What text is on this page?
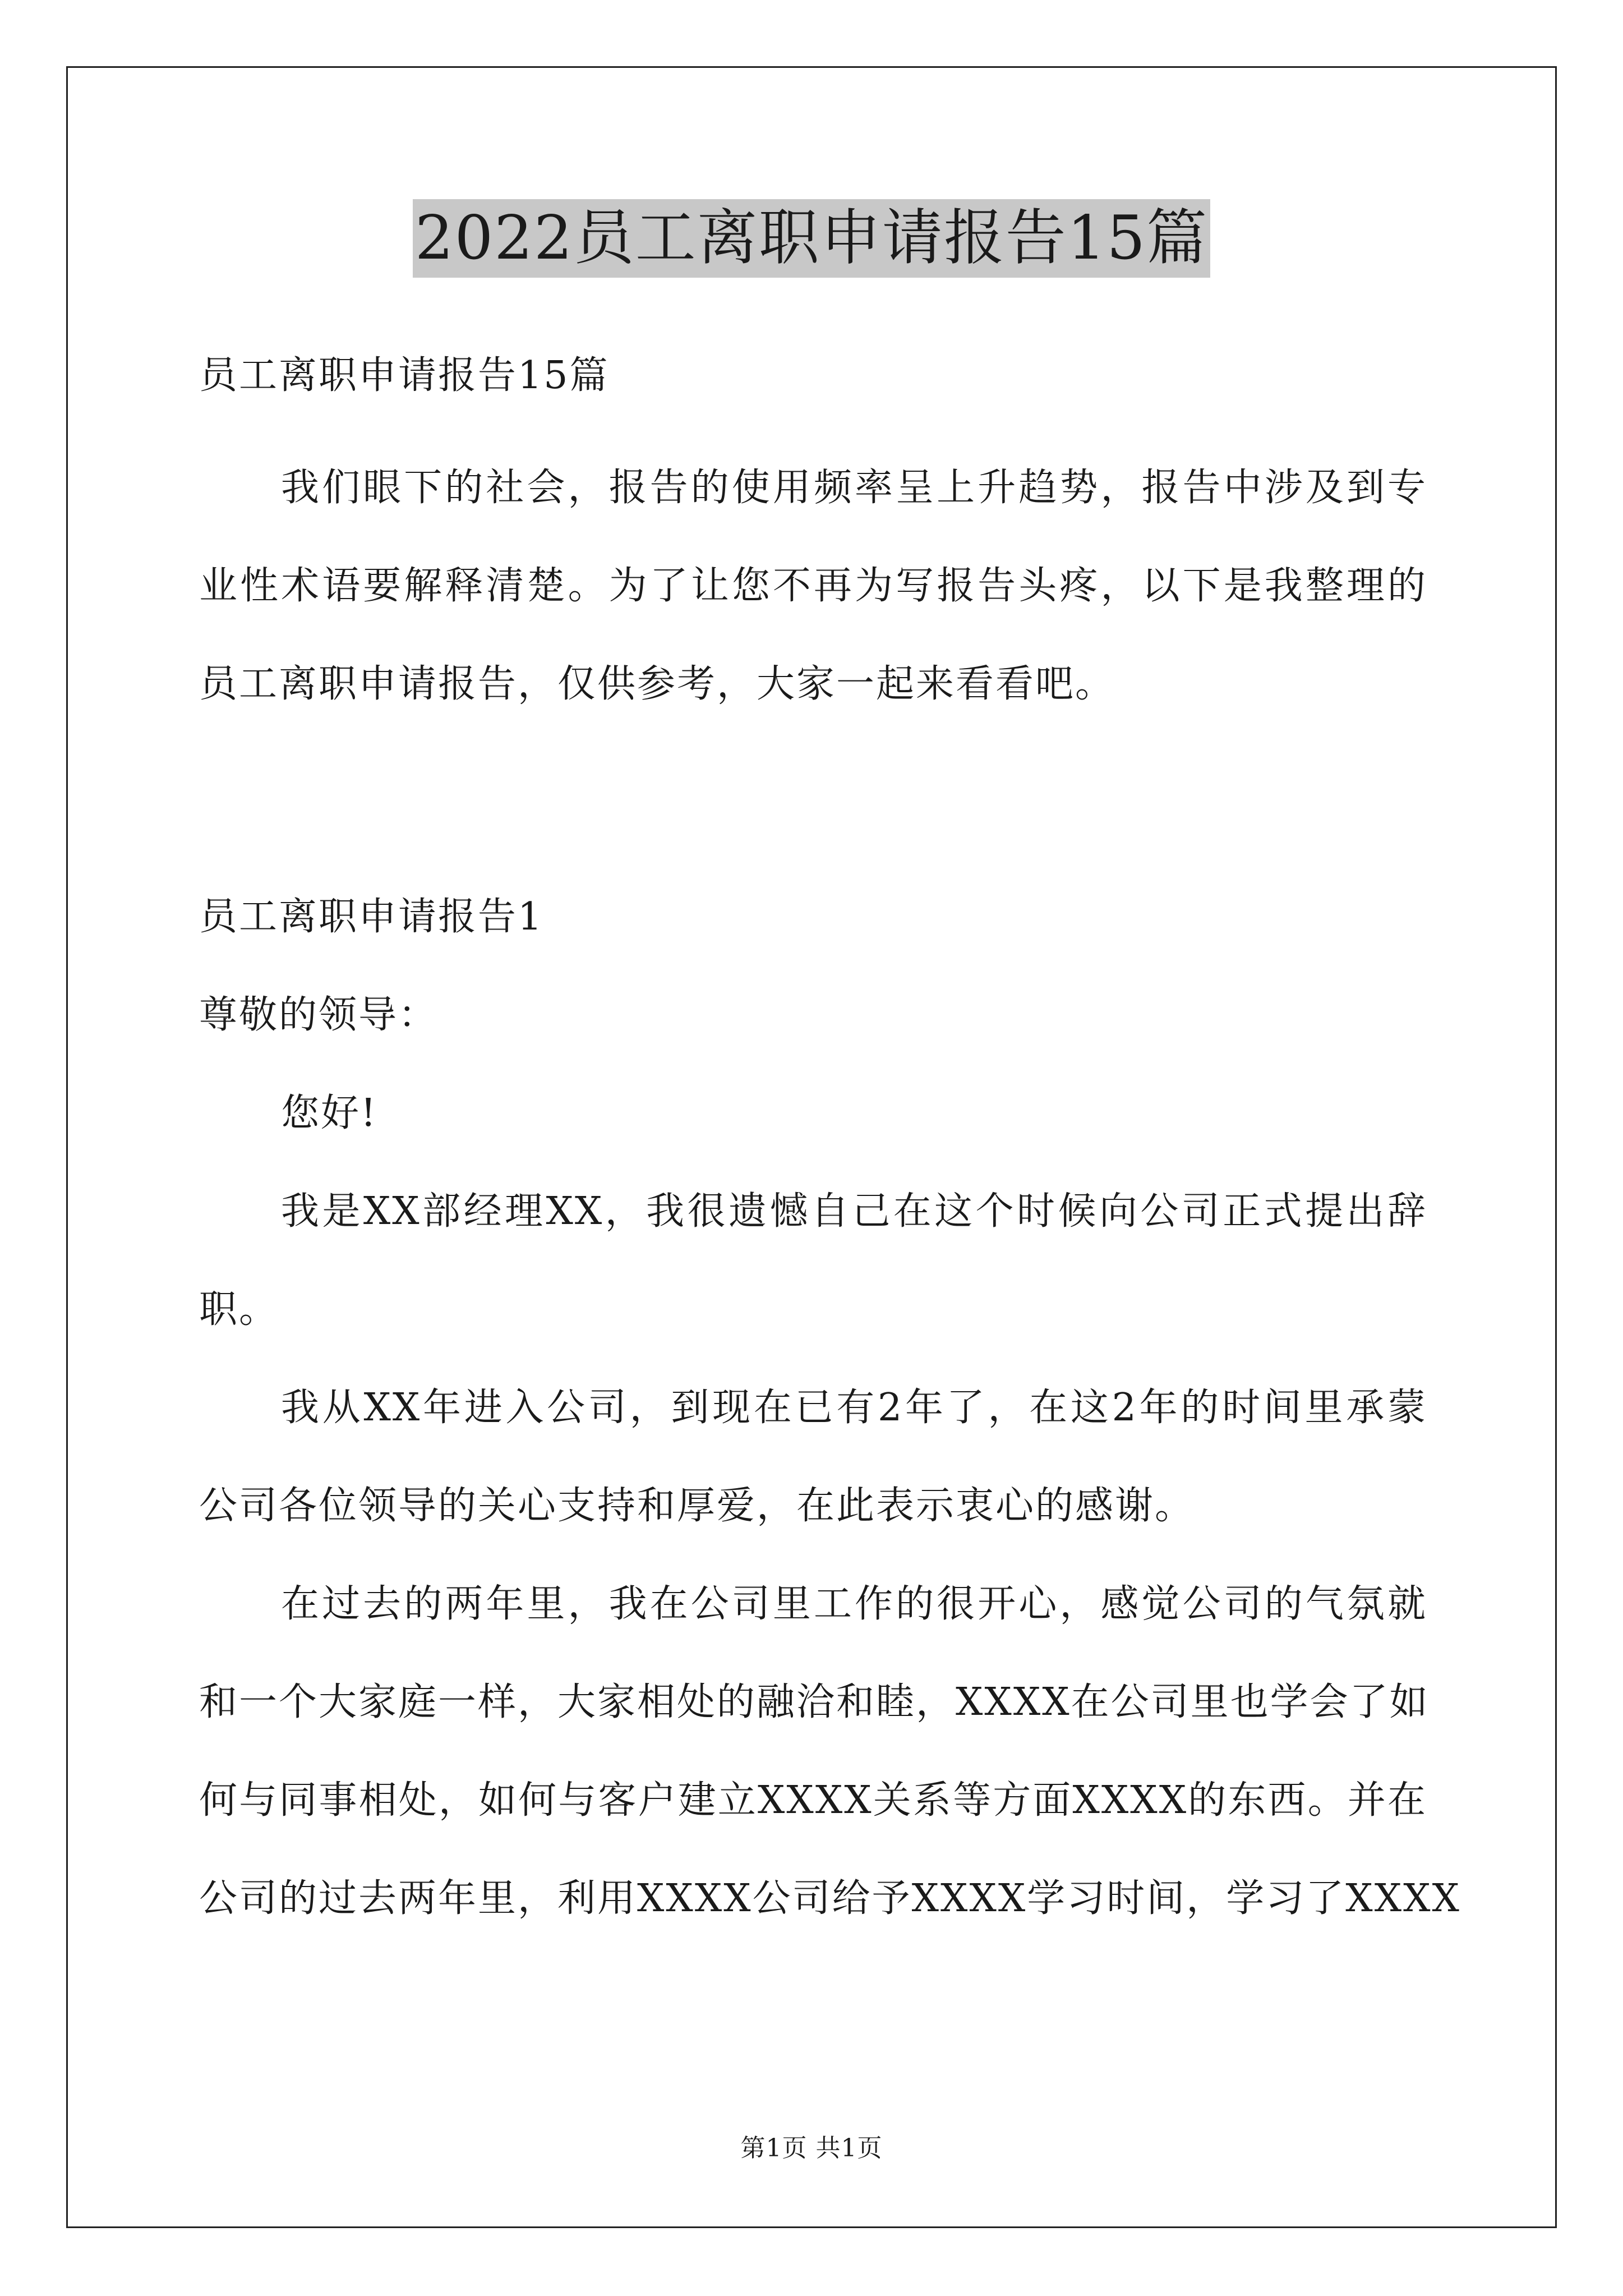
2022员工离职申请报告15篇
员工离职申请报告15篇
我们眼下的社会，报告的使用频率呈上升趋势，报告中涉及到专
业性术语要解释清楚。为了让您不再为写报告头疼，以下是我整理的
员工离职申请报告，仅供参考，大家一起来看看吧。
员工离职申请报告1
尊敬的领导：
您好!
我是XX部经理XX，我很遗憾自己在这个时候向公司正式提出辞
职。
我从XX年进入公司，到现在已有2年了，在这2年的时间里承蒙
公司各位领导的关心支持和厚爱，在此表示衷心的感谢。
在过去的两年里，我在公司里工作的很开心，感觉公司的气氛就
和一个大家庭一样，大家相处的融洽和睦，XXXX在公司里也学会了如
何与同事相处，如何与客户建立XXXX关系等方面XXXX的东西。并在
公司的过去两年里，利用XXXX公司给予XXXX学习时间，学习了XXXX
第1页 共1页
